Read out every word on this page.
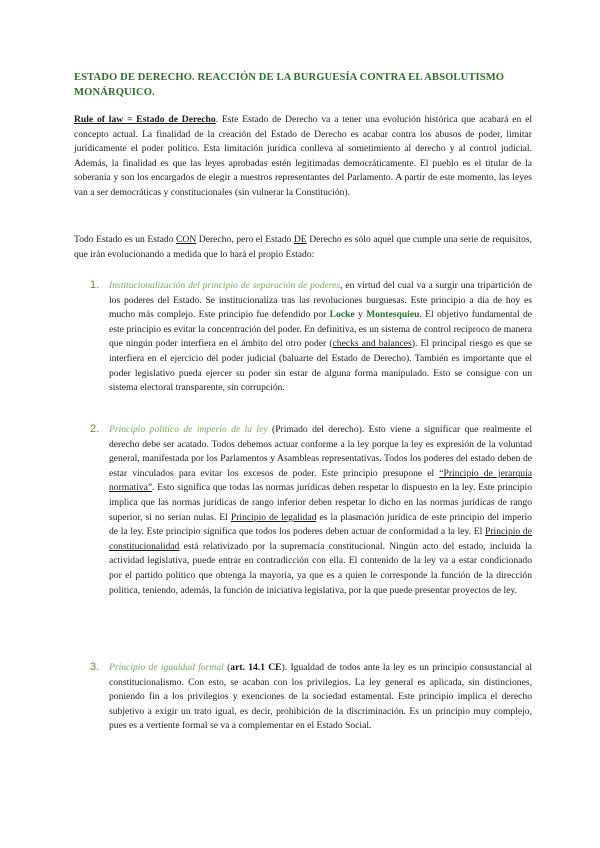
ESTADO DE DERECHO. REACCIÓN DE LA BURGUESÍA CONTRA EL ABSOLUTISMO MONÁRQUICO.
Rule of law = Estado de Derecho. Este Estado de Derecho va a tener una evolución histórica que acabará en el concepto actual. La finalidad de la creación del Estado de Derecho es acabar contra los abusos de poder, limitar jurídicamente el poder político. Esta limitación jurídica conlleva al sometimiento al derecho y al control judicial. Además, la finalidad es que las leyes aprobadas estén legitimadas democráticamente. El pueblo es el titular de la soberanía y son los encargados de elegir a nuestros representantes del Parlamento. A partir de este momento, las leyes van a ser democráticas y constitucionales (sin vulnerar la Constitución).
Todo Estado es un Estado CON Derecho, pero el Estado DE Derecho es sólo aquel que cumple una serie de requisitos, que irán evolucionando a medida que lo hará el propio Estado:
1. Institucionalización del principio de separación de poderes, en virtud del cual va a surgir una tripartición de los poderes del Estado. Se institucionaliza tras las revoluciones burguesas. Este principio a día de hoy es mucho más complejo. Este principio fue defendido por Locke y Montesquieu. El objetivo fundamental de este principio es evitar la concentración del poder. En definitiva, es un sistema de control recíproco de manera que ningún poder interfiera en el ámbito del otro poder (checks and balances). El principal riesgo es que se interfiera en el ejercicio del poder judicial (baluarte del Estado de Derecho). También es importante que el poder legislativo pueda ejercer su poder sin estar de alguna forma manipulado. Esto se consigue con un sistema electoral transparente, sin corrupción.
2. Principio político de imperio de la ley (Primado del derecho). Esto viene a significar que realmente el derecho debe ser acatado. Todos debemos actuar conforme a la ley porque la ley es expresión de la voluntad general, manifestada por los Parlamentos y Asambleas representativas. Todos los poderes del estado deben de estar vinculados para evitar los excesos de poder. Este principio presupone el “Principio de jerarquía normativa”. Esto significa que todas las normas jurídicas deben respetar lo dispuesto en la ley. Este principio implica que las normas jurídicas de rango inferior deben respetar lo dicho en las normas jurídicas de rango superior, si no serían nulas. El Principio de legalidad es la plasmación jurídica de este principio del imperio de la ley. Este principio significa que todos los poderes deben actuar de conformidad a la ley. El Principio de constitucionalidad está relativizado por la supremacía constitucional. Ningún acto del estado, incluida la actividad legislativa, puede entrar en contradicción con ella. El contenido de la ley va a estar condicionado por el partido político que obtenga la mayoría, ya que es a quien le corresponde la función de la dirección política, teniendo, además, la función de iniciativa legislativa, por la que puede presentar proyectos de ley.
3. Principio de igualdad formal (art. 14.1 CE). Igualdad de todos ante la ley es un principio consustancial al constitucionalismo. Con esto, se acaban con los privilegios. La ley general es aplicada, sin distinciones, poniendo fin a los privilegios y exenciones de la sociedad estamental. Este principio implica el derecho subjetivo a exigir un trato igual, es decir, prohibición de la discriminación. Es un principio muy complejo, pues es a vertiente formal se va a complementar en el Estado Social.
